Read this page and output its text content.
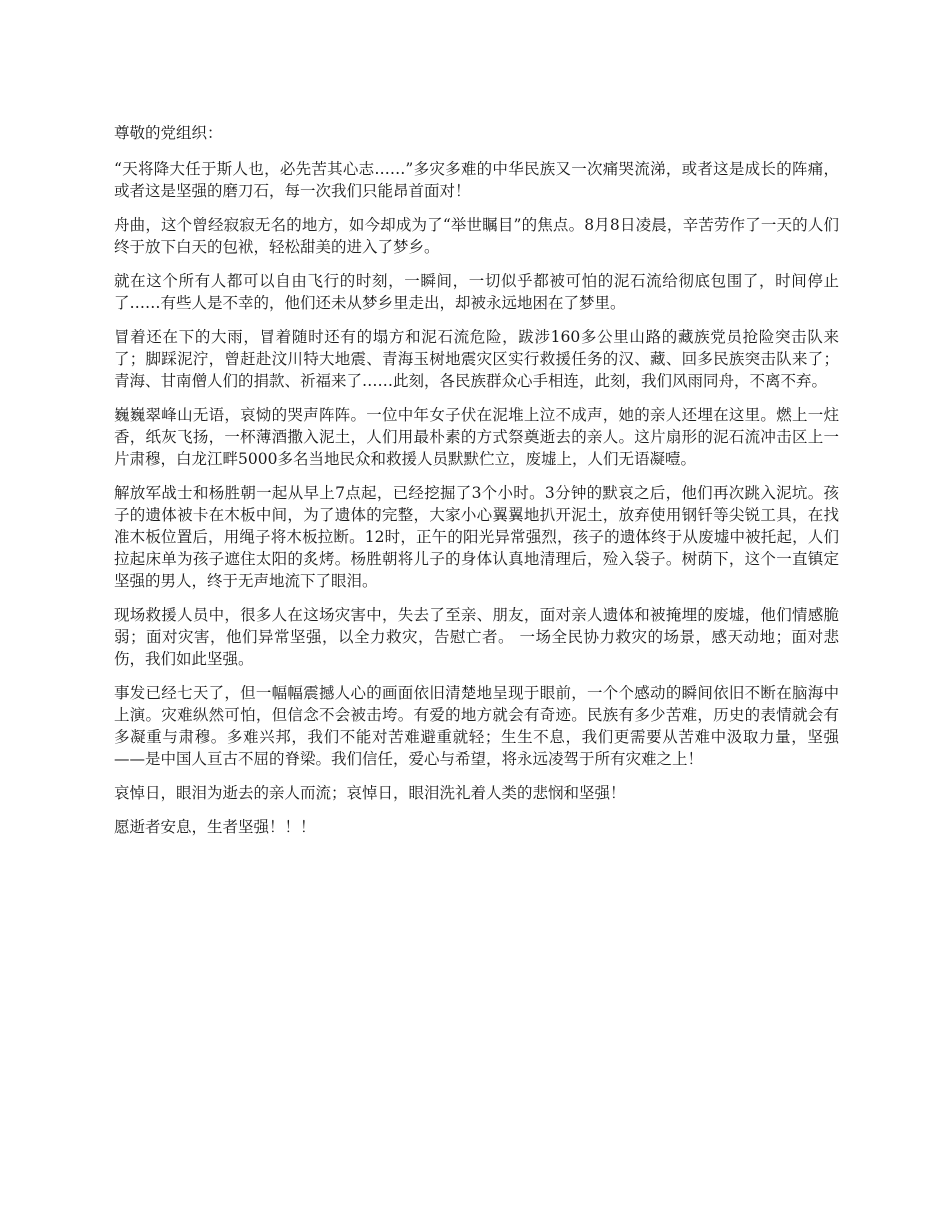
尊敬的党组织：

“天将降大任于斯人也，必先苦其心志……”多灾多难的中华民族又一次痛哭流涕，或者这是成长的阵痛，或者这是坚强的磨刀石，每一次我们只能昂首面对！

舟曲，这个曾经寂寂无名的地方，如今却成为了“举世瞩目”的焦点。8月8日凌晨，辛苦劳作了一天的人们终于放下白天的包袱，轻松甜美的进入了梦乡。

就在这个所有人都可以自由飞行的时刻，一瞬间，一切似乎都被可怕的泥石流给彻底包围了，时间停止了……有些人是不幸的，他们还未从梦乡里走出，却被永远地困在了梦里。

冒着还在下的大雨，冒着随时还有的塌方和泥石流危险，跋涉160多公里山路的藏族党员抢险突击队来了；脚踩泥泞，曾赶赴汶川特大地震、青海玉树地震灾区实行救援任务的汉、藏、回多民族突击队来了；青海、甘南僧人们的捐款、祈福来了……此刻，各民族群众心手相连，此刻，我们风雨同舟，不离不弃。

巍巍翠峰山无语，哀恸的哭声阵阵。一位中年女子伏在泥堆上泣不成声，她的亲人还埋在这里。燃上一炷香，纸灰飞扬，一杯薄酒撒入泥土，人们用最朴素的方式祭奠逝去的亲人。这片扇形的泥石流冲击区上一片肃穆，白龙江畔5000多名当地民众和救援人员默默伫立，废墟上，人们无语凝噎。

解放军战士和杨胜朝一起从早上7点起，已经挖掘了3个小时。3分钟的默哀之后，他们再次跳入泥坑。孩子的遗体被卡在木板中间，为了遗体的完整，大家小心翼翼地扒开泥土，放弃使用钢钎等尖锐工具，在找准木板位置后，用绳子将木板拉断。12时，正午的阳光异常强烈，孩子的遗体终于从废墟中被托起，人们拉起床单为孩子遮住太阳的炙烤。杨胜朝将儿子的身体认真地清理后，殓入袋子。树荫下，这个一直镇定坚强的男人，终于无声地流下了眼泪。

现场救援人员中，很多人在这场灾害中，失去了至亲、朋友，面对亲人遗体和被掩埋的废墟，他们情感脆弱；面对灾害，他们异常坚强，以全力救灾，告慰亡者。 一场全民协力救灾的场景，感天动地；面对悲伤，我们如此坚强。

事发已经七天了，但一幅幅震撼人心的画面依旧清楚地呈现于眼前，一个个感动的瞬间依旧不断在脑海中上演。灾难纵然可怕，但信念不会被击垮。有爱的地方就会有奇迹。民族有多少苦难，历史的表情就会有多凝重与肃穆。多难兴邦，我们不能对苦难避重就轻；生生不息，我们更需要从苦难中汲取力量，坚强——是中国人亘古不屈的脊梁。我们信任，爱心与希望，将永远凌驾于所有灾难之上！

哀悼日，眼泪为逝去的亲人而流；哀悼日，眼泪洗礼着人类的悲悯和坚强！

愿逝者安息，生者坚强！！！
